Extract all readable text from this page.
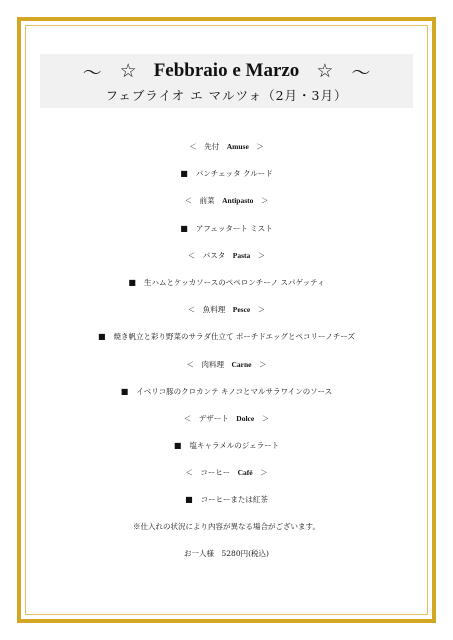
〜 ☆ Febbraio e Marzo ☆ 〜
フェブライオ エ マルツォ（2月・3月）
＜　先付　 Amuse　 ＞
■ パンチェッタ クルード
＜　前菜　 Antipasto　 ＞
■ アフェッタート ミスト
＜　パスタ　 Pasta　 ＞
■ 生ハムとケッカソースのペペロンチーノ スパゲッティ
＜　魚料理　 Pesce　 ＞
■ 焼き帆立と彩り野菜のサラダ仕立て ポーチドエッグとペコリーノチーズ
＜　肉料理　 Carne　 ＞
■ イベリコ豚のクロカンテ キノコとマルサラワインのソース
＜　デザート　 Dolce　 ＞
■ 塩キャラメルのジェラート
＜　コーヒー　 Café　 ＞
■ コーヒーまたは紅茶
※仕入れの状況により内容が異なる場合がございます。
お一人様　5280円(税込)
